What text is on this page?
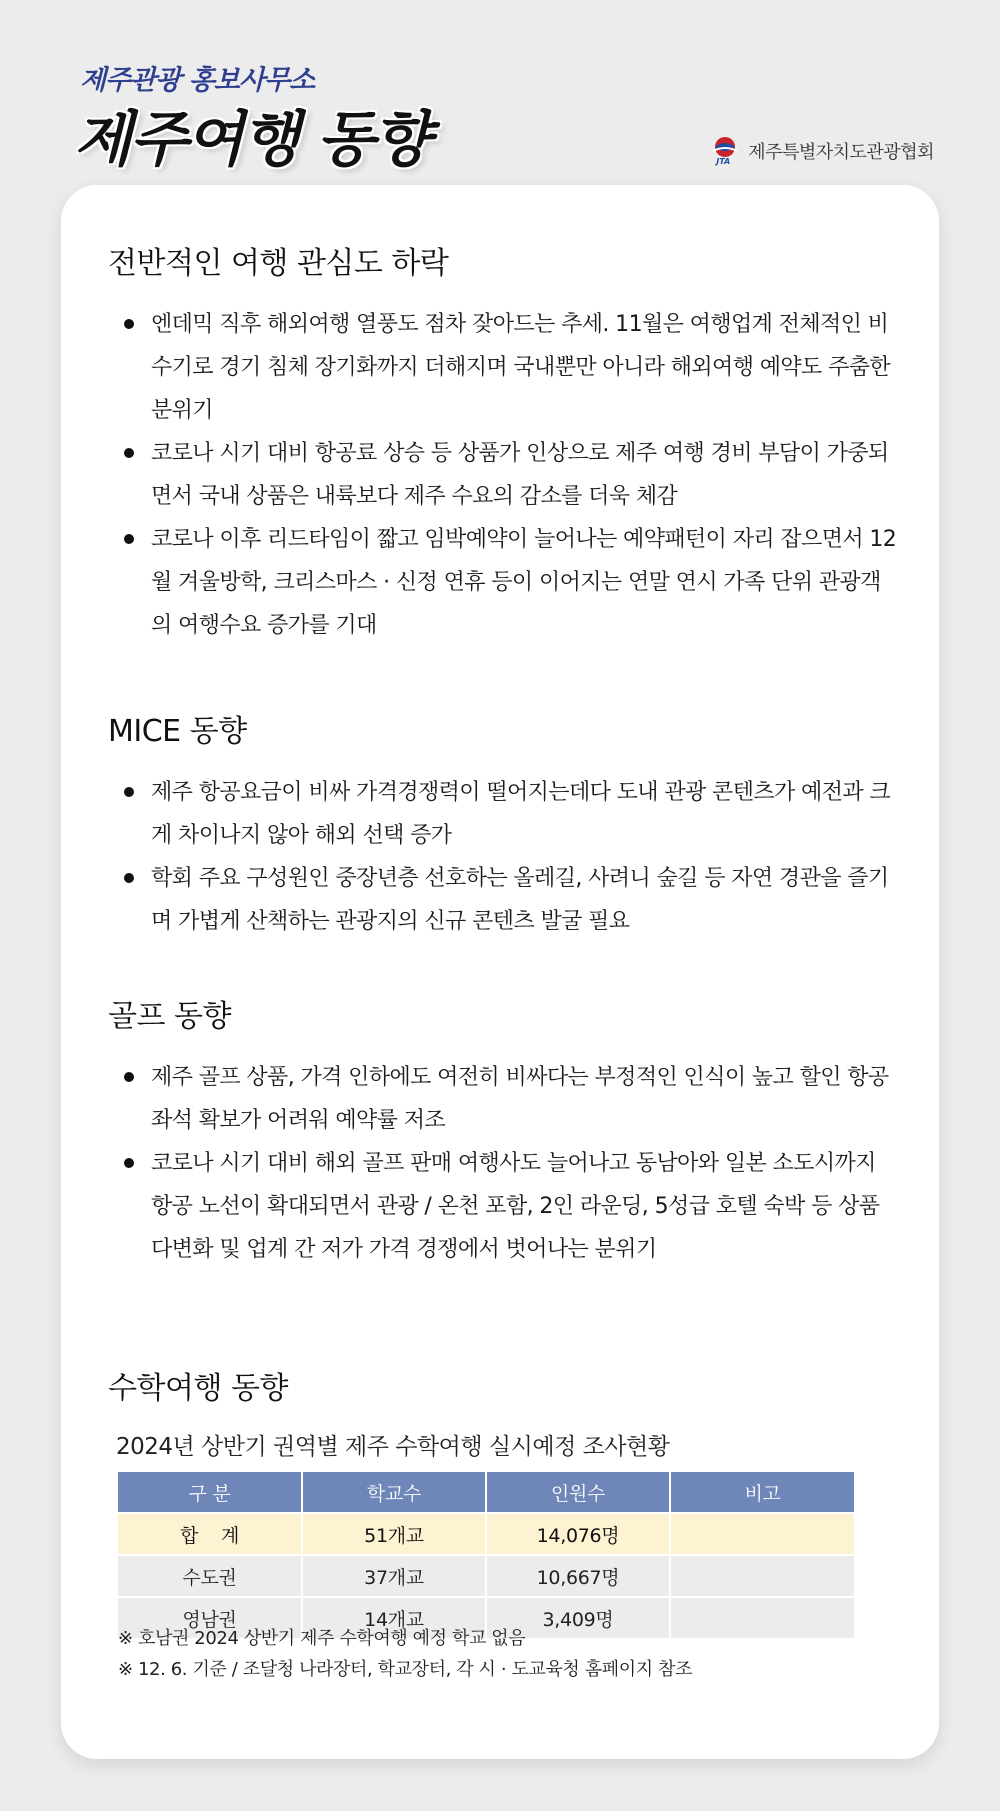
제주관광 홍보사무소
제주여행 동향	JTA 제주특별자치도관광협회
전반적인 여행 관심도 하락
엔데믹 직후 해외여행 열풍도 점차 잦아드는 추세. 11월은 여행업계 전체적인 비수기로 경기 침체 장기화까지 더해지며 국내뿐만 아니라 해외여행 예약도 주춤한 분위기
코로나 시기 대비 항공료 상승 등 상품가 인상으로 제주 여행 경비 부담이 가중되면서 국내 상품은 내륙보다 제주 수요의 감소를 더욱 체감
코로나 이후 리드타임이 짧고 임박예약이 늘어나는 예약패턴이 자리 잡으면서 12월 겨울방학, 크리스마스 · 신정 연휴 등이 이어지는 연말 연시 가족 단위 관광객의 여행수요 증가를 기대
MICE 동향
제주 항공요금이 비싸 가격경쟁력이 떨어지는데다 도내 관광 콘텐츠가 예전과 크게 차이나지 않아 해외 선택 증가
학회 주요 구성원인 중장년층 선호하는 올레길, 사려니 숲길 등 자연 경관을 즐기며 가볍게 산책하는 관광지의 신규 콘텐츠 발굴 필요
골프 동향
제주 골프 상품, 가격 인하에도 여전히 비싸다는 부정적인 인식이 높고 할인 항공 좌석 확보가 어려워 예약률 저조
코로나 시기 대비 해외 골프 판매 여행사도 늘어나고 동남아와 일본 소도시까지 항공 노선이 확대되면서 관광 / 온천 포함, 2인 라운딩, 5성급 호텔 숙박 등 상품 다변화 및 업계 간 저가 가격 경쟁에서 벗어나는 분위기
수학여행 동향
2024년 상반기 권역별 제주 수학여행 실시예정 조사현황
구 분	학교수	인원수	비고
합    계	51개교	14,076명	
수도권	37개교	10,667명	
영남권	14개교	3,409명	
※ 호남권 2024 상반기 제주 수학여행 예정 학교 없음
※ 12. 6. 기준 / 조달청 나라장터, 학교장터, 각 시 · 도교육청 홈페이지 참조
